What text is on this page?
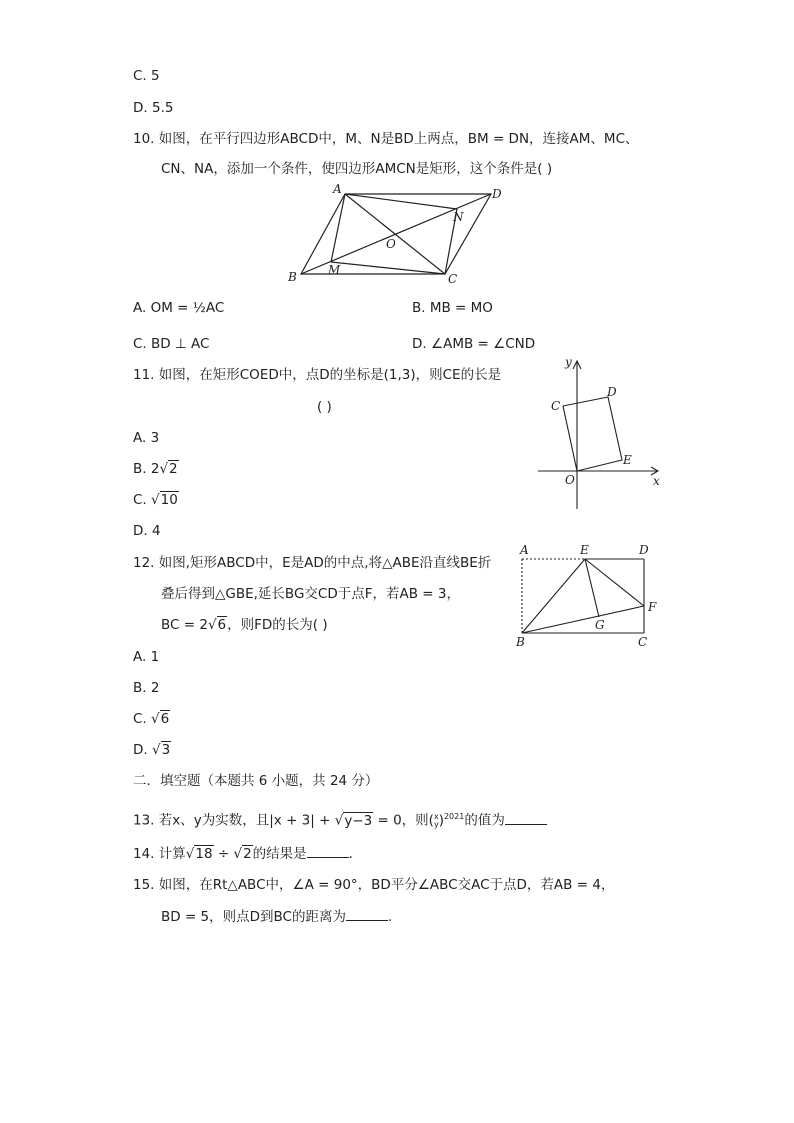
C. 5
D. 5.5
10. 如图，在平行四边形ABCD中，M、N是BD上两点，BM = DN，连接AM、MC、
CN、NA，添加一个条件，使四边形AMCN是矩形，这个条件是( )
A	D
B	C
O
M
N
A. OM = ½AC	B. MB = MO
C. BD ⊥ AC	D. ∠AMB = ∠CND
11. 如图，在矩形COED中，点D的坐标是(1,3)，则CE的长是
( )
y
x
O
C
D
E
A. 3
B. 2√2
C. √10
D. 4
12. 如图,矩形ABCD中，E是AD的中点,将△ABE沿直线BE折
叠后得到△GBE,延长BG交CD于点F，若AB = 3，
BC = 2√6，则FD的长为( )
A	E	D
F
G
B	C
A. 1
B. 2
C. √6
D. √3
二．填空题（本题共 6 小题，共 24 分）
13. 若x、y为实数，且|x + 3| + √y−3 = 0，则( x
y )$^{2021}$的值为
14. 计算√18 ÷ √2的结果是	.
15. 如图，在Rt△ABC中，∠A = 90°，BD平分∠ABC交AC于点D，若AB = 4，
BD = 5，则点D到BC的距离为	.
